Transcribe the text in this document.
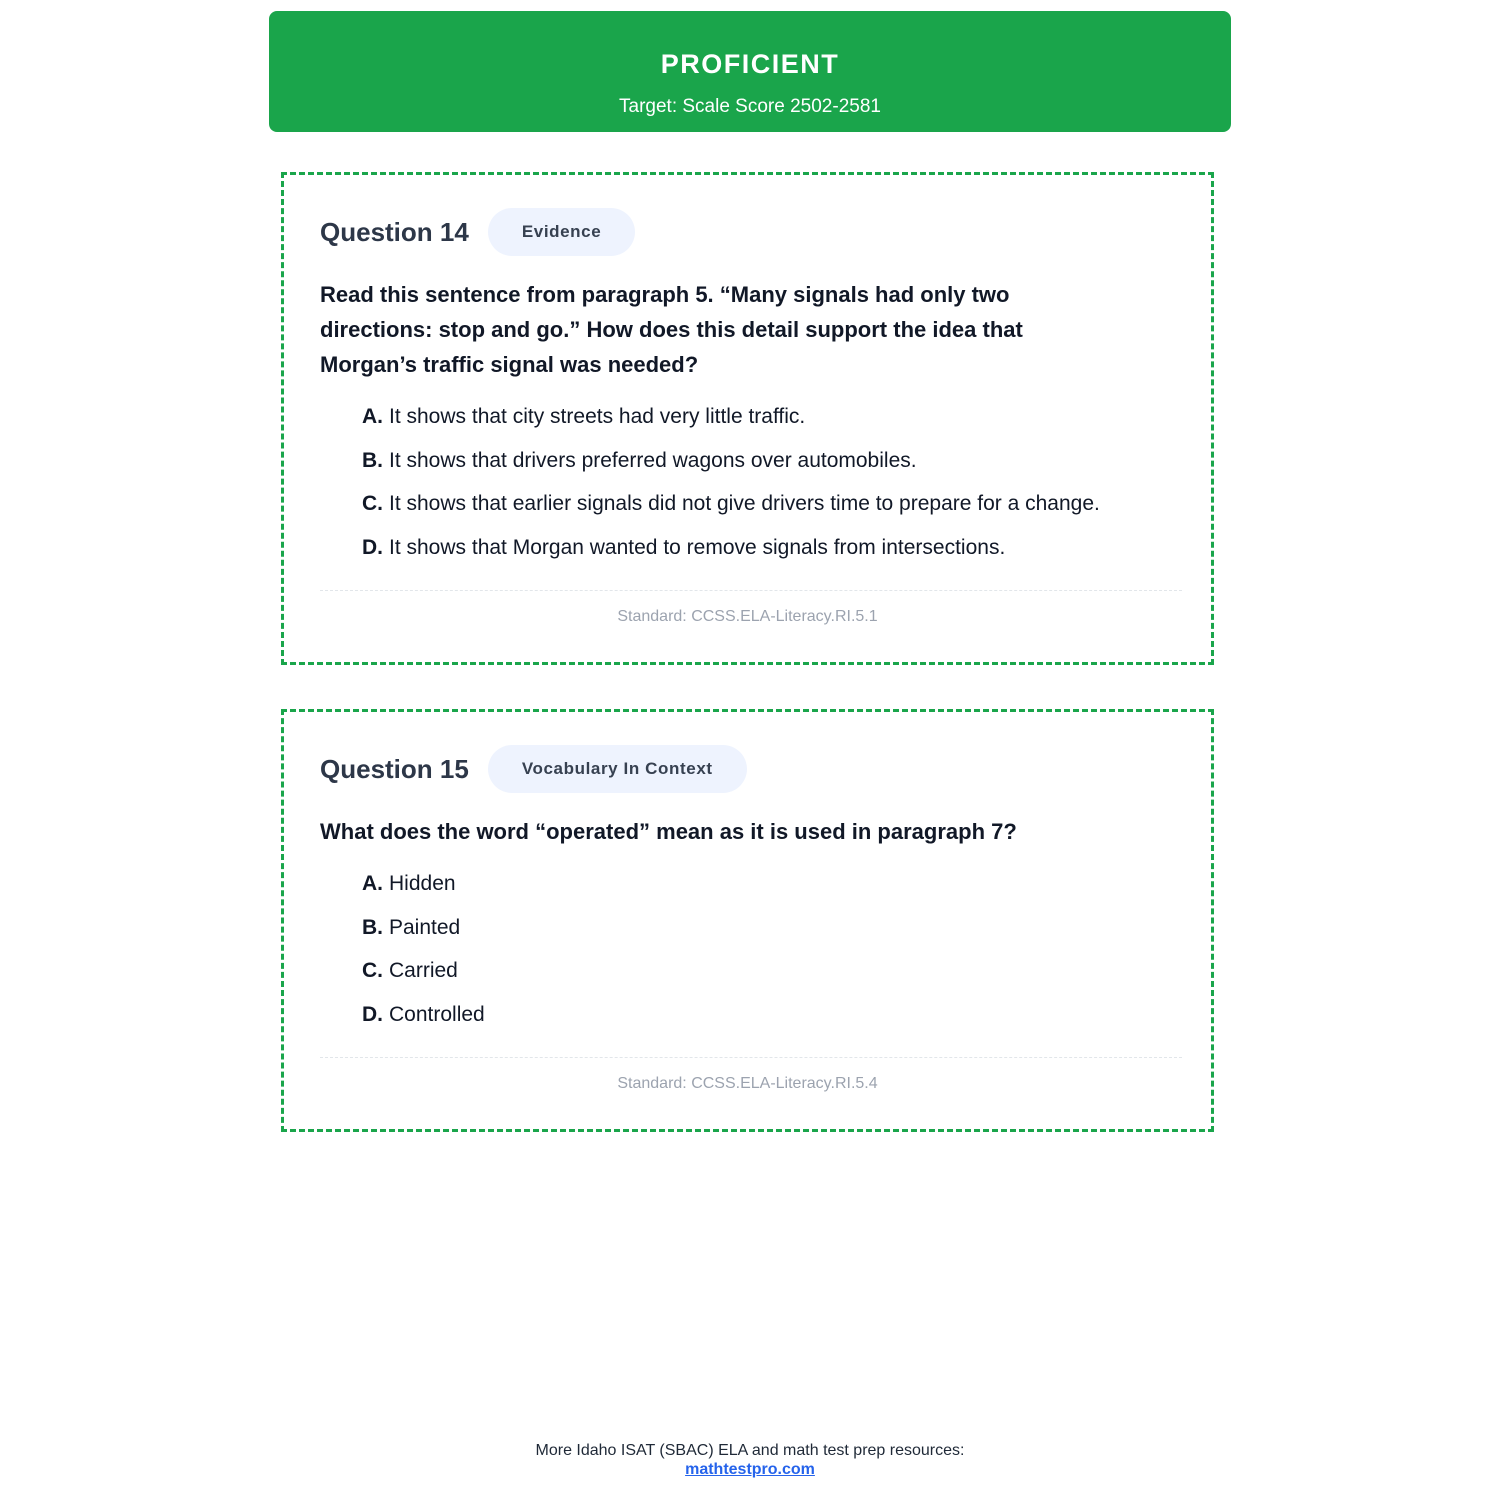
PROFICIENT
Target: Scale Score 2502-2581
Question 14	Evidence
Read this sentence from paragraph 5. “Many signals had only two directions: stop and go.” How does this detail support the idea that Morgan’s traffic signal was needed?
A. It shows that city streets had very little traffic.
B. It shows that drivers preferred wagons over automobiles.
C. It shows that earlier signals did not give drivers time to prepare for a change.
D. It shows that Morgan wanted to remove signals from intersections.
Standard: CCSS.ELA-Literacy.RI.5.1
Question 15	Vocabulary In Context
What does the word “operated” mean as it is used in paragraph 7?
A. Hidden
B. Painted
C. Carried
D. Controlled
Standard: CCSS.ELA-Literacy.RI.5.4
More Idaho ISAT (SBAC) ELA and math test prep resources:
mathtestpro.com
